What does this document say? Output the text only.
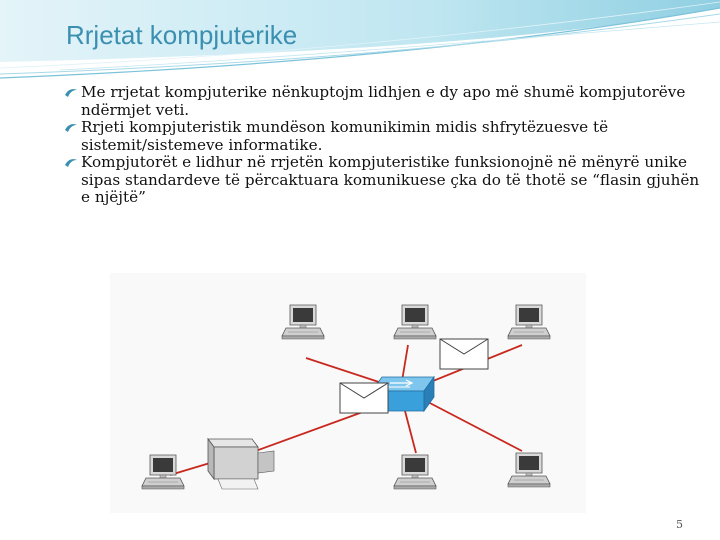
Rrjetat kompjuterike
Me rrjetat kompjuterike nënkuptojm lidhjen e dy apo më shumë kompjutorëve ndërmjet veti.
Rrjeti kompjuteristik mundëson komunikimin midis shfrytëzuesve të sistemit/sistemeve informatike.
Kompjutorët e lidhur në rrjetën kompjuteristike funksionojnë në mënyrë unike sipas standardeve të përcaktuara komunikuese çka do të thotë se “flasin gjuhën e njëjtë”
5
